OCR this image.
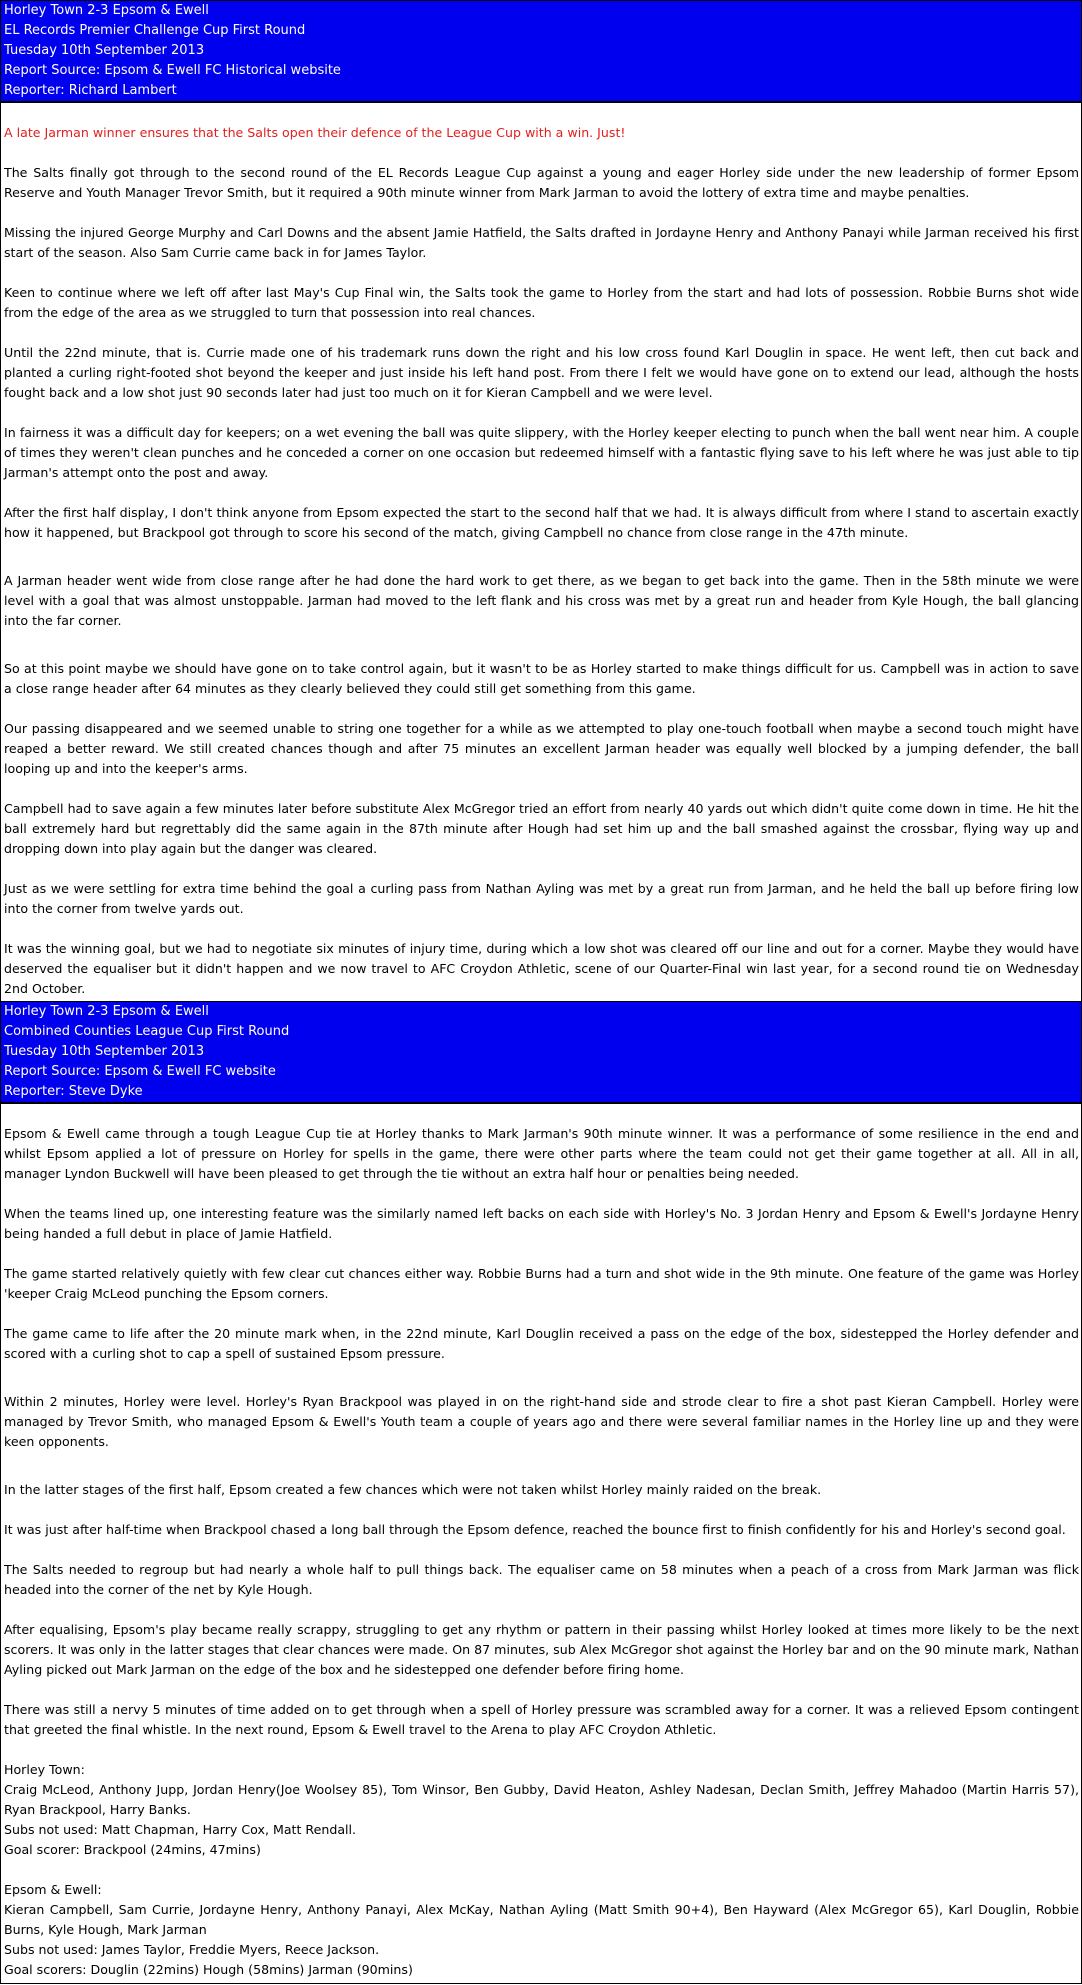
Horley Town 2-3 Epsom & Ewell
EL Records Premier Challenge Cup First Round
Tuesday 10th September 2013
Report Source: Epsom & Ewell FC Historical website
Reporter: Richard Lambert

A late Jarman winner ensures that the Salts open their defence of the League Cup with a win. Just!

The Salts finally got through to the second round of the EL Records League Cup against a young and eager Horley side under the new leadership of former Epsom Reserve and Youth Manager Trevor Smith, but it required a 90th minute winner from Mark Jarman to avoid the lottery of extra time and maybe penalties.

Missing the injured George Murphy and Carl Downs and the absent Jamie Hatfield, the Salts drafted in Jordayne Henry and Anthony Panayi while Jarman received his first start of the season. Also Sam Currie came back in for James Taylor.

Keen to continue where we left off after last May's Cup Final win, the Salts took the game to Horley from the start and had lots of possession. Robbie Burns shot wide from the edge of the area as we struggled to turn that possession into real chances.

Until the 22nd minute, that is. Currie made one of his trademark runs down the right and his low cross found Karl Douglin in space. He went left, then cut back and planted a curling right-footed shot beyond the keeper and just inside his left hand post. From there I felt we would have gone on to extend our lead, although the hosts fought back and a low shot just 90 seconds later had just too much on it for Kieran Campbell and we were level.

In fairness it was a difficult day for keepers; on a wet evening the ball was quite slippery, with the Horley keeper electing to punch when the ball went near him. A couple of times they weren't clean punches and he conceded a corner on one occasion but redeemed himself with a fantastic flying save to his left where he was just able to tip Jarman's attempt onto the post and away.

After the first half display, I don't think anyone from Epsom expected the start to the second half that we had. It is always difficult from where I stand to ascertain exactly how it happened, but Brackpool got through to score his second of the match, giving Campbell no chance from close range in the 47th minute.

A Jarman header went wide from close range after he had done the hard work to get there, as we began to get back into the game. Then in the 58th minute we were level with a goal that was almost unstoppable. Jarman had moved to the left flank and his cross was met by a great run and header from Kyle Hough, the ball glancing into the far corner.

So at this point maybe we should have gone on to take control again, but it wasn't to be as Horley started to make things difficult for us. Campbell was in action to save a close range header after 64 minutes as they clearly believed they could still get something from this game.

Our passing disappeared and we seemed unable to string one together for a while as we attempted to play one-touch football when maybe a second touch might have reaped a better reward. We still created chances though and after 75 minutes an excellent Jarman header was equally well blocked by a jumping defender, the ball looping up and into the keeper's arms.

Campbell had to save again a few minutes later before substitute Alex McGregor tried an effort from nearly 40 yards out which didn't quite come down in time. He hit the ball extremely hard but regrettably did the same again in the 87th minute after Hough had set him up and the ball smashed against the crossbar, flying way up and dropping down into play again but the danger was cleared.

Just as we were settling for extra time behind the goal a curling pass from Nathan Ayling was met by a great run from Jarman, and he held the ball up before firing low into the corner from twelve yards out.

It was the winning goal, but we had to negotiate six minutes of injury time, during which a low shot was cleared off our line and out for a corner. Maybe they would have deserved the equaliser but it didn't happen and we now travel to AFC Croydon Athletic, scene of our Quarter-Final win last year, for a second round tie on Wednesday 2nd October.

Horley Town 2-3 Epsom & Ewell
Combined Counties League Cup First Round
Tuesday 10th September 2013
Report Source: Epsom & Ewell FC website
Reporter: Steve Dyke

Epsom & Ewell came through a tough League Cup tie at Horley thanks to Mark Jarman's 90th minute winner. It was a performance of some resilience in the end and whilst Epsom applied a lot of pressure on Horley for spells in the game, there were other parts where the team could not get their game together at all. All in all, manager Lyndon Buckwell will have been pleased to get through the tie without an extra half hour or penalties being needed.

When the teams lined up, one interesting feature was the similarly named left backs on each side with Horley's No. 3 Jordan Henry and Epsom & Ewell's Jordayne Henry being handed a full debut in place of Jamie Hatfield.

The game started relatively quietly with few clear cut chances either way. Robbie Burns had a turn and shot wide in the 9th minute. One feature of the game was Horley 'keeper Craig McLeod punching the Epsom corners.

The game came to life after the 20 minute mark when, in the 22nd minute, Karl Douglin received a pass on the edge of the box, sidestepped the Horley defender and scored with a curling shot to cap a spell of sustained Epsom pressure.

Within 2 minutes, Horley were level. Horley's Ryan Brackpool was played in on the right-hand side and strode clear to fire a shot past Kieran Campbell. Horley were managed by Trevor Smith, who managed Epsom & Ewell's Youth team a couple of years ago and there were several familiar names in the Horley line up and they were keen opponents.

In the latter stages of the first half, Epsom created a few chances which were not taken whilst Horley mainly raided on the break.

It was just after half-time when Brackpool chased a long ball through the Epsom defence, reached the bounce first to finish confidently for his and Horley's second goal.

The Salts needed to regroup but had nearly a whole half to pull things back. The equaliser came on 58 minutes when a peach of a cross from Mark Jarman was flick headed into the corner of the net by Kyle Hough.

After equalising, Epsom's play became really scrappy, struggling to get any rhythm or pattern in their passing whilst Horley looked at times more likely to be the next scorers. It was only in the latter stages that clear chances were made. On 87 minutes, sub Alex McGregor shot against the Horley bar and on the 90 minute mark, Nathan Ayling picked out Mark Jarman on the edge of the box and he sidestepped one defender before firing home.

There was still a nervy 5 minutes of time added on to get through when a spell of Horley pressure was scrambled away for a corner. It was a relieved Epsom contingent that greeted the final whistle. In the next round, Epsom & Ewell travel to the Arena to play AFC Croydon Athletic.

Horley Town:

Craig McLeod, Anthony Jupp, Jordan Henry(Joe Woolsey 85), Tom Winsor, Ben Gubby, David Heaton, Ashley Nadesan, Declan Smith, Jeffrey Mahadoo (Martin Harris 57), Ryan Brackpool, Harry Banks.

Subs not used: Matt Chapman, Harry Cox, Matt Rendall.

Goal scorer: Brackpool (24mins, 47mins)

Epsom & Ewell:

Kieran Campbell, Sam Currie, Jordayne Henry, Anthony Panayi, Alex McKay, Nathan Ayling (Matt Smith 90+4), Ben Hayward (Alex McGregor 65), Karl Douglin, Robbie Burns, Kyle Hough, Mark Jarman

Subs not used: James Taylor, Freddie Myers, Reece Jackson.

Goal scorers: Douglin (22mins) Hough (58mins) Jarman (90mins)
